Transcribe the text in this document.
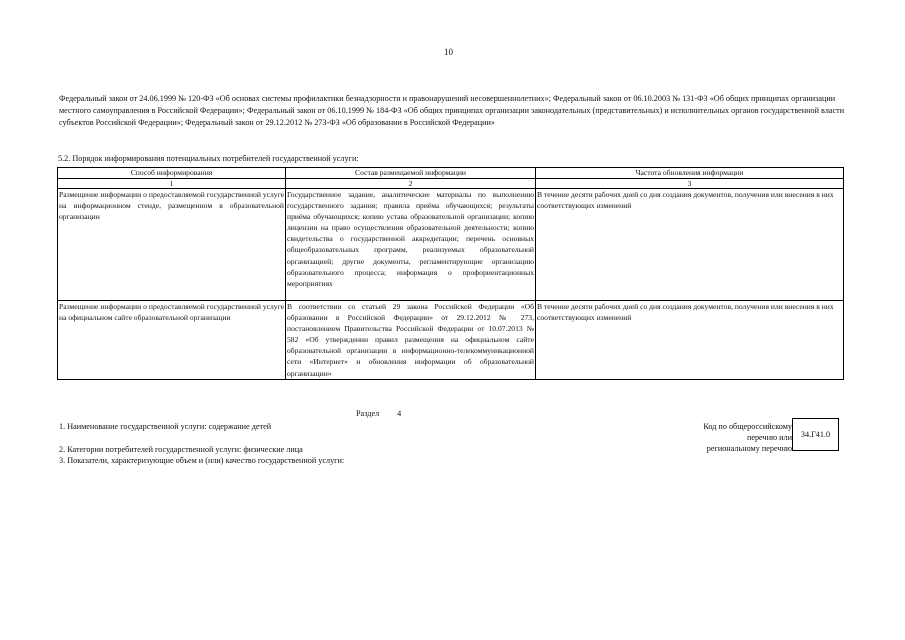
10
Федеральный закон от 24.06.1999 № 120-ФЗ «Об основах системы профилактики безнадзорности и правонарушений несовершеннолетних»; Федеральный закон от 06.10.2003 № 131-ФЗ «Об общих принципах организации местного самоуправления в Российской Федерации»; Федеральный закон от 06.10.1999 № 184-ФЗ «Об общих принципах организации законодательных (представительных) и исполнительных органов государственной власти субъектов Российской Федерации»; Федеральный закон от 29.12.2012 № 273-ФЗ «Об образовании в Российской Федерации»
5.2. Порядок информирования потенциальных потребителей государственной услуги:
Способ информирования	Состав размещаемой информации	Частота обновления информации
1	2	3
Размещение информации о предоставляемой государственной услуге на информационном стенде, размещенном в образовательной организации	Государственное задание, аналитические материалы по выполнению государственного задания; правила приёма обучающихся; результаты приёма обучающихся; копию устава образовательной организации; копию лицензии на право осуществления образовательной деятельности; копию свидетельства о государственной аккредитации; перечень основных общеобразовательных программ, реализуемых образовательной организацией; другие документы, регламентирующие организацию образовательного процесса; информация о профориентационных мероприятиях	В течение десяти рабочих дней со дня создания документов, получения или внесения в них соответствующих изменений
Размещение информации о предоставляемой государственной услуге на официальном сайте образовательной организации	В соответствии со статьей 29 закона Российской Федерации «Об образовании в Российской Федерации» от 29.12.2012 № 273, постановлением Правительства Российской Федерации от 10.07.2013 № 582 «Об утверждении правил размещения на официальном сайте образовательной организации в информационно-телекоммуникационной сети «Интернет» и обновления информации об образовательной организации»	В течение десяти рабочих дней со дня создания документов, получения или внесения в них соответствующих изменений
Раздел 4
1. Наименование государственной услуги: содержание детей
2. Категории потребителей государственной услуги: физические лица
3. Показатели, характеризующие объем и (или) качество государственной услуги:
Код по общероссийскому
перечню или
региональному перечню
34.Г41.0
